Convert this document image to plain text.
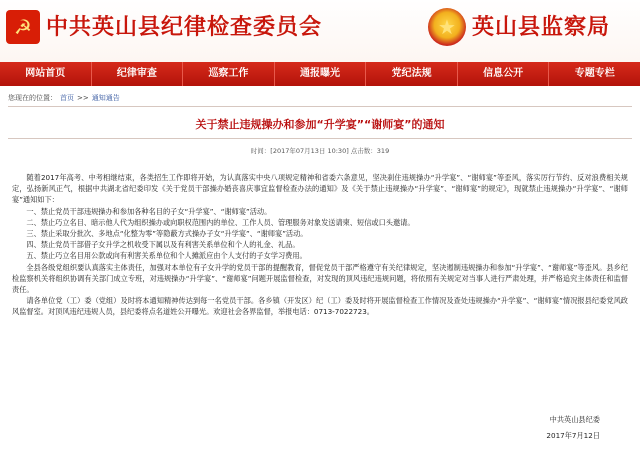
☭ 中共英山县纪律检查委员会	★ 英山县监察局
网站首页	纪律审查	巡察工作	通报曝光	党纪法规	信息公开	专题专栏
您现在的位置： 首页 >> 通知通告
关于禁止违规操办和参加“升学宴”“谢师宴”的通知
时间：[2017年07月13日 10:30] 点击数：319

随着2017年高考、中考相继结束，各类招生工作即将开始，为认真落实中央八项规定精神和省委六条意见，坚决刹住违规操办“升学宴”、“谢师宴”等歪风，落实厉行节约、反对浪费相关规定，弘扬新风正气，根据中共湖北省纪委印发《关于党员干部操办婚丧喜庆事宜监督检查办法的通知》及《关于禁止违规操办“升学宴”、“谢师宴”的规定》，现就禁止违规操办“升学宴”、“谢师宴”通知如下：

一、禁止党员干部违规操办和参加各种名目的子女“升学宴”、“谢师宴”活动。

二、禁止巧立名目、暗示他人代为组织操办或向职权范围内的单位、工作人员、管理服务对象发送请柬、短信或口头邀请。

三、禁止采取分批次、多地点“化整为零”等隐蔽方式操办子女“升学宴”、“谢师宴”活动。

四、禁止党员干部借子女升学之机收受下属以及有利害关系单位和个人的礼金、礼品。

五、禁止巧立名目用公款或向有利害关系单位和个人摊派应由个人支付的子女学习费用。

全县各级党组织要认真落实主体责任，加强对本单位有子女升学的党员干部的提醒教育，督促党员干部严格遵守有关纪律规定，坚决遏制违规操办和参加“升学宴”、“谢师宴”等歪风。县乡纪检监察机关将组织协调有关部门成立专班，对违规操办“升学宴”、“谢师宴”问题开展监督检查，对发现的顶风违纪违规问题，将依照有关规定对当事人进行严肃处理，并严格追究主体责任和监督责任。

请各单位党（工）委（党组）及时将本通知精神传达到每一名党员干部。各乡镇（开发区）纪（工）委及时将开展监督检查工作情况及查处违规操办“升学宴”、“谢师宴”情况报县纪委党风政风监督室。对顶风违纪违规人员，县纪委将点名道姓公开曝光。欢迎社会各界监督，举报电话：0713-7022723。

中共英山县纪委
2017年7月12日
